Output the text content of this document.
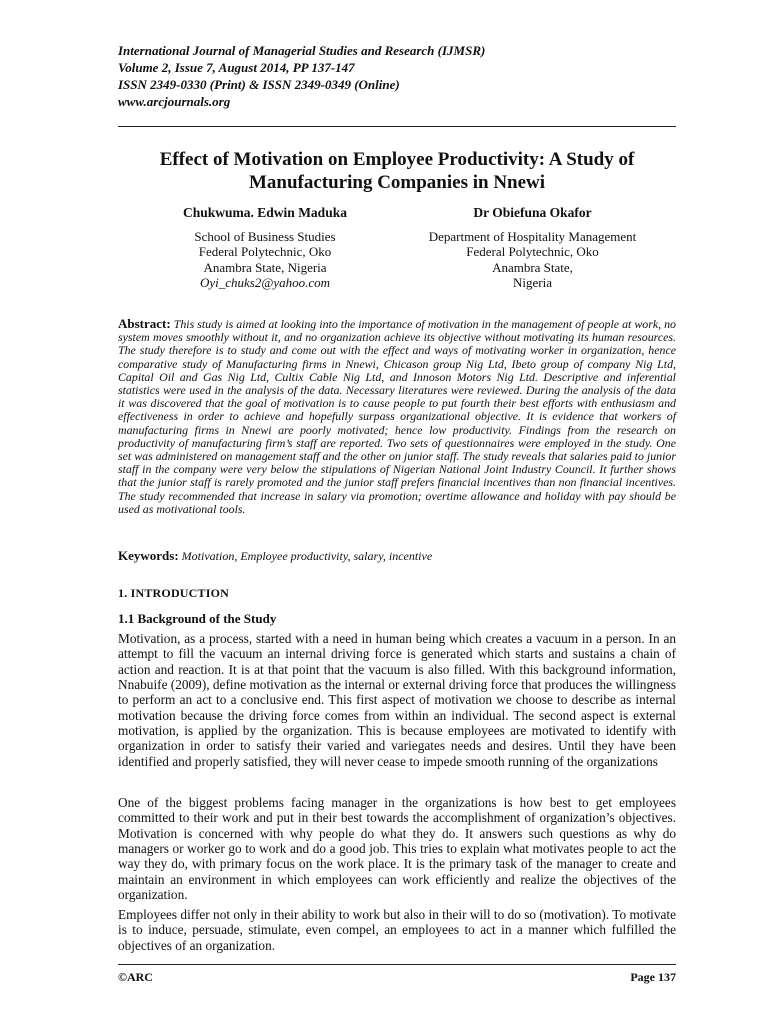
International Journal of Managerial Studies and Research (IJMSR)
Volume 2, Issue 7, August 2014, PP 137-147
ISSN 2349-0330 (Print) & ISSN 2349-0349 (Online)
www.arcjournals.org
Effect of Motivation on Employee Productivity: A Study of
Manufacturing Companies in Nnewi
Chukwuma. Edwin Maduka
School of Business Studies
Federal Polytechnic, Oko
Anambra State, Nigeria
Oyi_chuks2@yahoo.com
Dr Obiefuna Okafor
Department of Hospitality Management
Federal Polytechnic, Oko
Anambra State,
Nigeria
Abstract: This study is aimed at looking into the importance of motivation in the management of people at work, no system moves smoothly without it, and no organization achieve its objective without motivating its human resources. The study therefore is to study and come out with the effect and ways of motivating worker in organization, hence comparative study of Manufacturing firms in Nnewi, Chicason group Nig Ltd, Ibeto group of company Nig Ltd, Capital Oil and Gas Nig Ltd, Cultix Cable Nig Ltd, and Innoson Motors Nig Ltd. Descriptive and inferential statistics were used in the analysis of the data. Necessary literatures were reviewed. During the analysis of the data it was discovered that the goal of motivation is to cause people to put fourth their best efforts with enthusiasm and effectiveness in order to achieve and hopefully surpass organizational objective. It is evidence that workers of manufacturing firms in Nnewi are poorly motivated; hence low productivity. Findings from the research on productivity of manufacturing firm’s staff are reported. Two sets of questionnaires were employed in the study. One set was administered on management staff and the other on junior staff. The study reveals that salaries paid to junior staff in the company were very below the stipulations of Nigerian National Joint Industry Council. It further shows that the junior staff is rarely promoted and the junior staff prefers financial incentives than non financial incentives. The study recommended that increase in salary via promotion; overtime allowance and holiday with pay should be used as motivational tools.
Keywords: Motivation, Employee productivity, salary, incentive
1. INTRODUCTION
1.1 Background of the Study
Motivation, as a process, started with a need in human being which creates a vacuum in a person. In an attempt to fill the vacuum an internal driving force is generated which starts and sustains a chain of action and reaction. It is at that point that the vacuum is also filled. With this background information, Nnabuife (2009), define motivation as the internal or external driving force that produces the willingness to perform an act to a conclusive end. This first aspect of motivation we choose to describe as internal motivation because the driving force comes from within an individual. The second aspect is external motivation, is applied by the organization. This is because employees are motivated to identify with organization in order to satisfy their varied and variegates needs and desires. Until they have been identified and properly satisfied, they will never cease to impede smooth running of the organizations
One of the biggest problems facing manager in the organizations is how best to get employees committed to their work and put in their best towards the accomplishment of organization’s objectives. Motivation is concerned with why people do what they do. It answers such questions as why do managers or worker go to work and do a good job. This tries to explain what motivates people to act the way they do, with primary focus on the work place. It is the primary task of the manager to create and maintain an environment in which employees can work efficiently and realize the objectives of the organization.
Employees differ not only in their ability to work but also in their will to do so (motivation). To motivate is to induce, persuade, stimulate, even compel, an employees to act in a manner which fulfilled the objectives of an organization.
©ARC	Page 137
